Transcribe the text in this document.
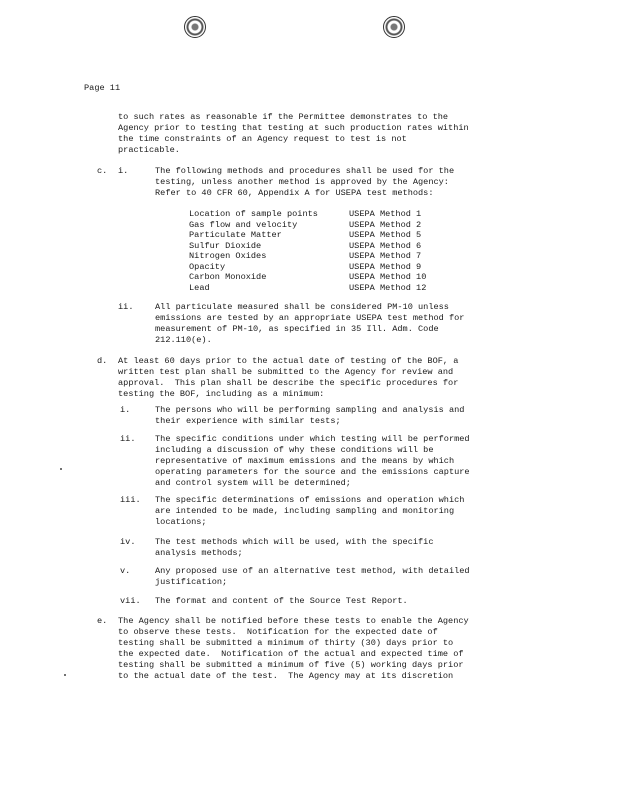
Page 11
to such rates as reasonable if the Permittee demonstrates to the
Agency prior to testing that testing at such production rates within
the time constraints of an Agency request to test is not
practicable.
c. i.	The following methods and procedures shall be used for the
testing, unless another method is approved by the Agency:
Refer to 40 CFR 60, Appendix A for USEPA test methods:
Location of sample points	USEPA Method 1
Gas flow and velocity	USEPA Method 2
Particulate Matter	USEPA Method 5
Sulfur Dioxide	USEPA Method 6
Nitrogen Oxides	USEPA Method 7
Opacity	USEPA Method 9
Carbon Monoxide	USEPA Method 10
Lead	USEPA Method 12
ii.	All particulate measured shall be considered PM-10 unless
emissions are tested by an appropriate USEPA test method for
measurement of PM-10, as specified in 35 Ill. Adm. Code
212.110(e).
d. At least 60 days prior to the actual date of testing of the BOF, a
written test plan shall be submitted to the Agency for review and
approval.  This plan shall be describe the specific procedures for
testing the BOF, including as a minimum:
i.	The persons who will be performing sampling and analysis and
their experience with similar tests;
ii. The specific conditions under which testing will be performed
including a discussion of why these conditions will be
representative of maximum emissions and the means by which
operating parameters for the source and the emissions capture
and control system will be determined;
iii. The specific determinations of emissions and operation which
are intended to be made, including sampling and monitoring
locations;
iv. The test methods which will be used, with the specific
analysis methods;
v.	Any proposed use of an alternative test method, with detailed
justification;
vii. The format and content of the Source Test Report.
e. The Agency shall be notified before these tests to enable the Agency
to observe these tests.  Notification for the expected date of
testing shall be submitted a minimum of thirty (30) days prior to
the expected date.  Notification of the actual and expected time of
testing shall be submitted a minimum of five (5) working days prior
to the actual date of the test.  The Agency may at its discretion
